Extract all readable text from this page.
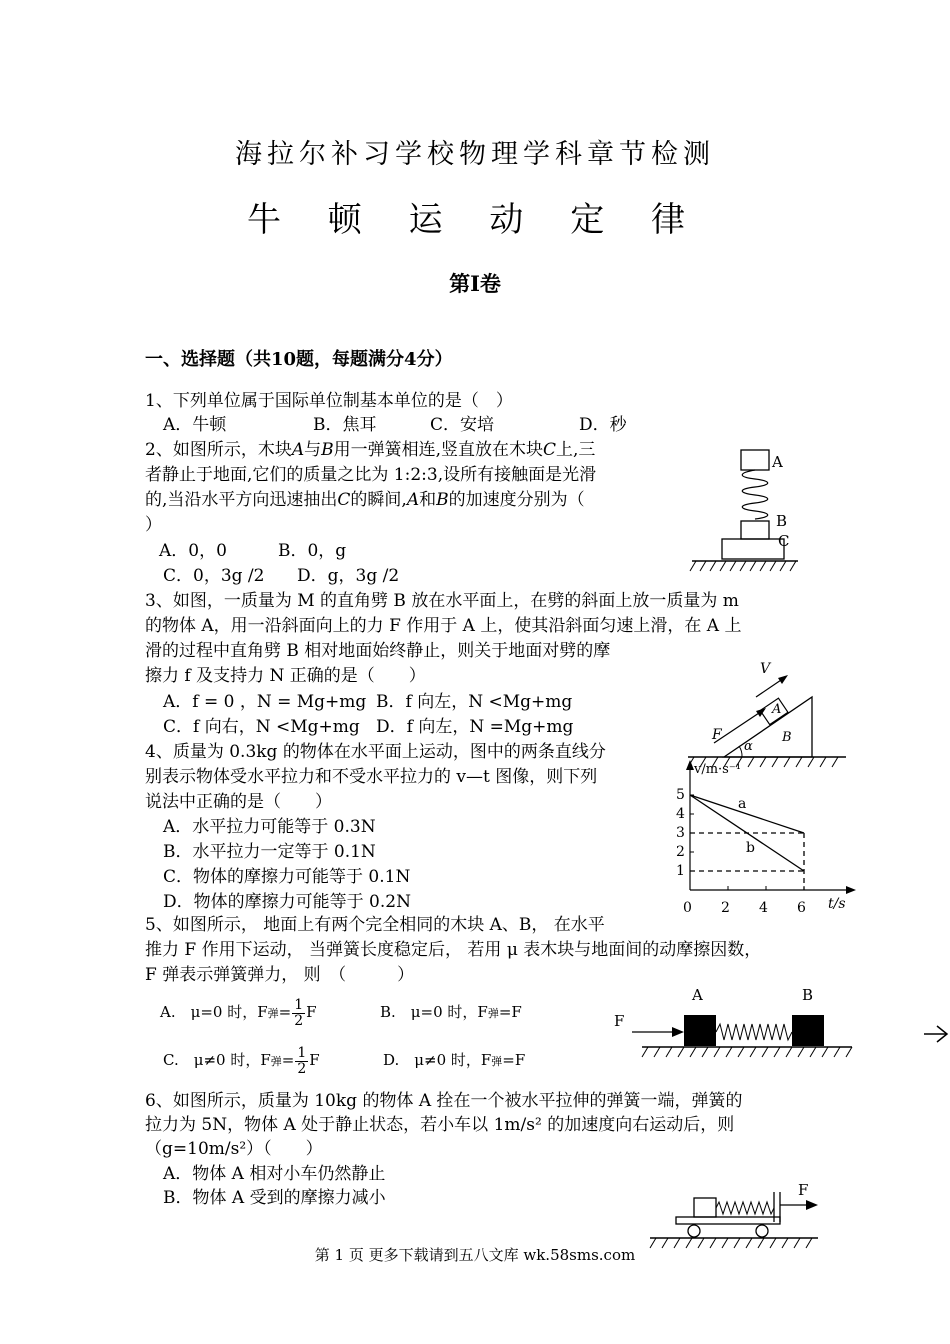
海拉尔补习学校物理学科章节检测
牛 顿 运 动 定 律
第Ⅰ卷
一、选择题（共10题，每题满分4分）
1、下列单位属于国际单位制基本单位的是（　）
A．牛顿	B．焦耳	C．安培	D．秒
2、如图所示，木块A与B用一弹簧相连,竖直放在木块C上,三
者静止于地面,它们的质量之比为 1:2:3,设所有接触面是光滑
的,当沿水平方向迅速抽出C的瞬间,A和B的加速度分别为（
）
A．0，0	B．0，g
C．0，3g /2 D．g，3g /2
A
B
C
3、如图，一质量为 M 的直角劈 B 放在水平面上，在劈的斜面上放一质量为 m
的物体 A，用一沿斜面向上的力 F 作用于 A 上，使其沿斜面匀速上滑，在 A 上
滑的过程中直角劈 B 相对地面始终静止，则关于地面对劈的摩
擦力 f 及支持力 N 正确的是（　　）
A．f = 0 ，N = Mg+mg B．f 向左，N <Mg+mg
C．f 向右，N <Mg+mg D．f 向左，N =Mg+mg
V
A
B
F
α
4、质量为 0.3kg 的物体在水平面上运动，图中的两条直线分
别表示物体受水平拉力和不受水平拉力的 v—t 图像，则下列
说法中正确的是（　　）
A．水平拉力可能等于 0.3N
B．水平拉力一定等于 0.1N
C．物体的摩擦力可能等于 0.1N
D．物体的摩擦力可能等于 0.2N
v/m·s⁻¹
t/s
0 2 4 6
1
2
3
4
5
a
b
5、如图所示， 地面上有两个完全相同的木块 A、B， 在水平
推力 F 作用下运动， 当弹簧长度稳定后， 若用 μ 表木块与地面间的动摩擦因数，
F 弹表示弹簧弹力， 则　（　　　）
A.　μ=0 时，F弹= $\frac{1}{2}$ F	B.　μ=0 时，F弹=F
C.　μ≠0 时，F弹= $\frac{1}{2}$ F	D.　μ≠0 时，F弹=F
A	B
F
6、如图所示，质量为 10kg 的物体 A 拴在一个被水平拉伸的弹簧一端，弹簧的
拉力为 5N，物体 A 处于静止状态，若小车以 1m/s² 的加速度向右运动后，则
（g=10m/s²）（　　）
A．物体 A 相对小车仍然静止
B．物体 A 受到的摩擦力减小	F
第 1 页 更多下载请到五八文库 wk.58sms.com
